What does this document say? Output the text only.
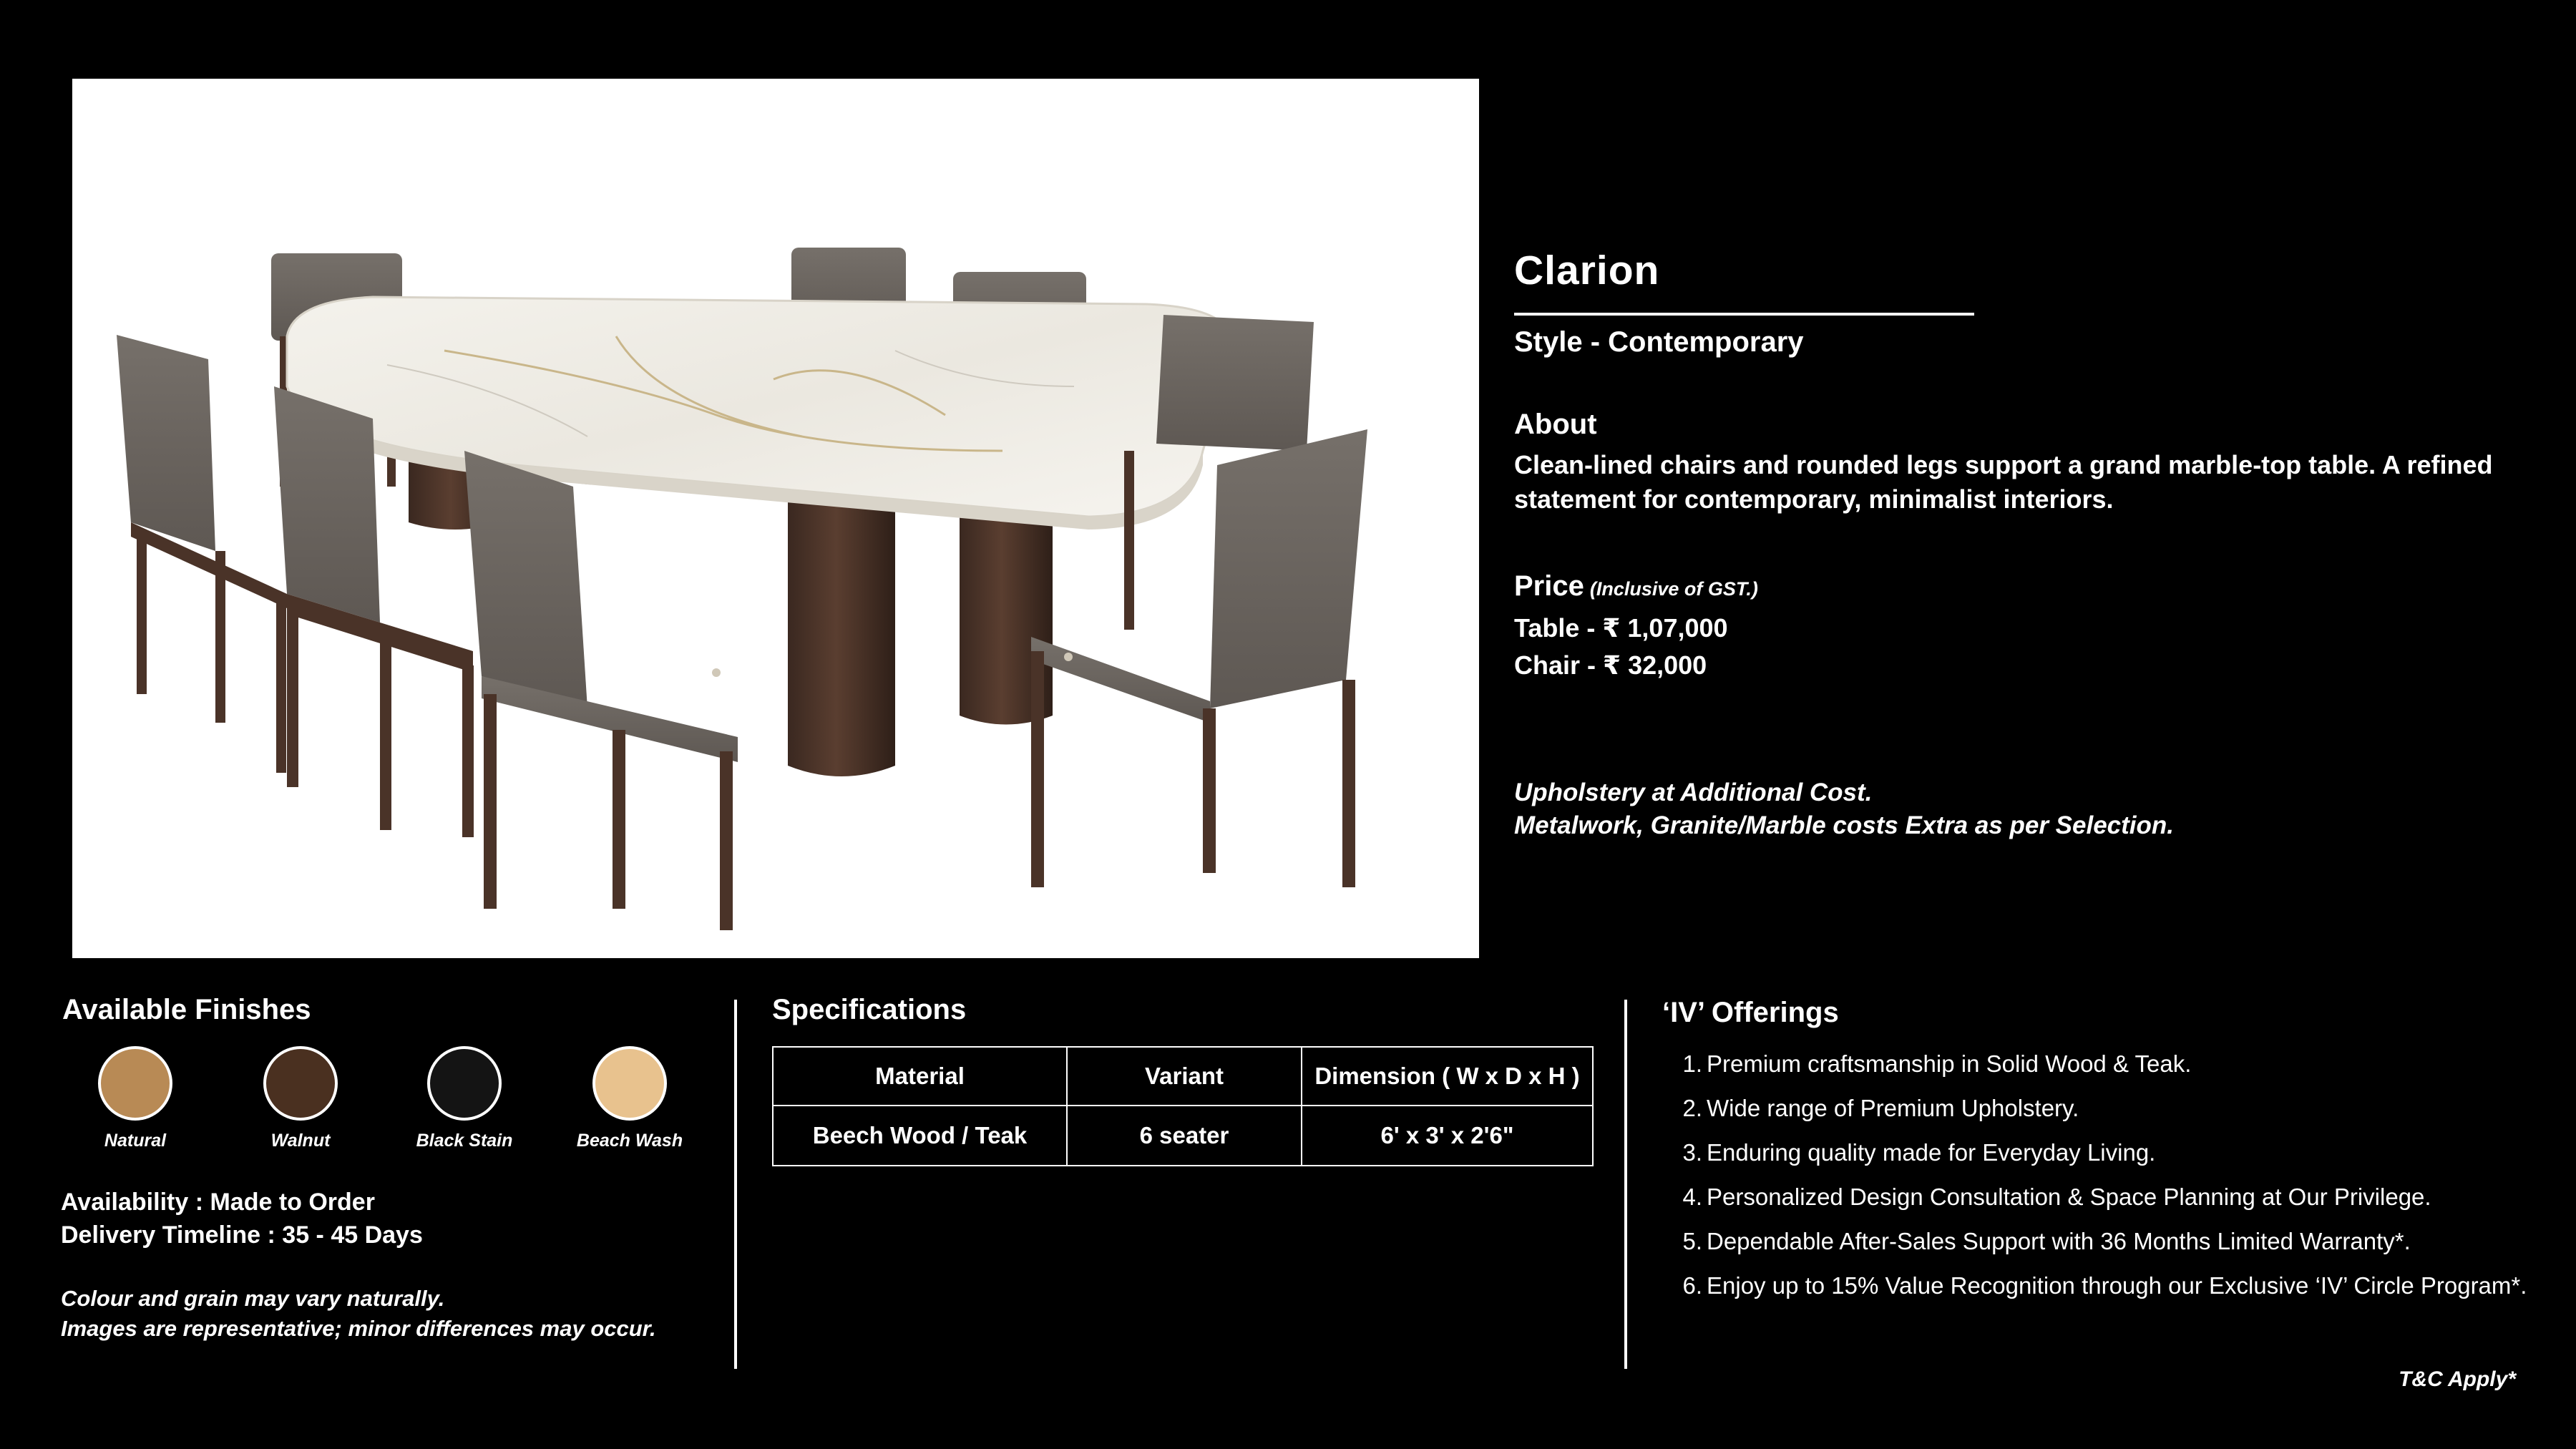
Clarion
Style - Contemporary
About
Clean-lined chairs and rounded legs support a grand marble-top table. A refined statement for contemporary, minimalist interiors.
Price (Inclusive of GST.)
Table - ₹ 1,07,000
Chair - ₹ 32,000
Upholstery at Additional Cost.
Metalwork, Granite/Marble costs Extra as per Selection.
Available Finishes
Natural	Walnut	Black Stain	Beach Wash
Availability : Made to Order
Delivery Timeline : 35 - 45 Days
Colour and grain may vary naturally.
Images are representative; minor differences may occur.
Specifications
Material	Variant	Dimension ( W x D x H )
Beech Wood / Teak	6 seater	6' x 3' x 2'6"
‘IV’ Offerings
1. Premium craftsmanship in Solid Wood & Teak.
2. Wide range of Premium Upholstery.
3. Enduring quality made for Everyday Living.
4. Personalized Design Consultation & Space Planning at Our Privilege.
5. Dependable After-Sales Support with 36 Months Limited Warranty*.
6. Enjoy up to 15% Value Recognition through our Exclusive ‘IV’ Circle Program*.
T&C Apply*
